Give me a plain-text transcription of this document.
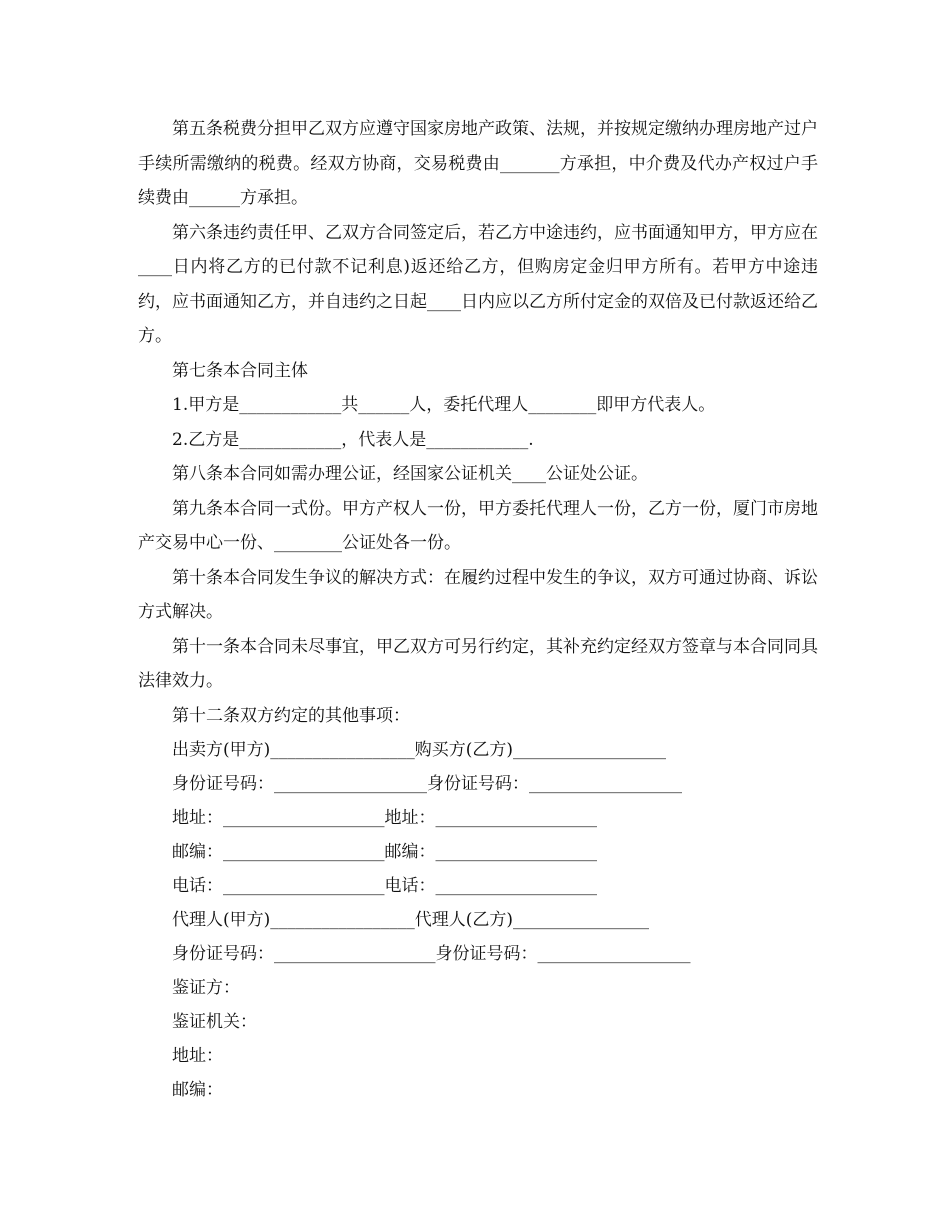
第五条税费分担甲乙双方应遵守国家房地产政策、法规，并按规定缴纳办理房地产过户手续所需缴纳的税费。经双方协商，交易税费由_______方承担，中介费及代办产权过户手续费由______方承担。

第六条违约责任甲、乙双方合同签定后，若乙方中途违约，应书面通知甲方，甲方应在____日内将乙方的已付款不记利息)返还给乙方，但购房定金归甲方所有。若甲方中途违约，应书面通知乙方，并自违约之日起____日内应以乙方所付定金的双倍及已付款返还给乙方。

第七条本合同主体

1.甲方是____________共______人，委托代理人________即甲方代表人。

2.乙方是____________，代表人是____________.

第八条本合同如需办理公证，经国家公证机关____公证处公证。

第九条本合同一式份。甲方产权人一份，甲方委托代理人一份，乙方一份，厦门市房地产交易中心一份、________公证处各一份。

第十条本合同发生争议的解决方式：在履约过程中发生的争议，双方可通过协商、诉讼方式解决。

第十一条本合同未尽事宜，甲乙双方可另行约定，其补充约定经双方签章与本合同同具法律效力。

第十二条双方约定的其他事项：

出卖方(甲方)_________________购买方(乙方)__________________

身份证号码：__________________身份证号码：__________________

地址：___________________地址：___________________

邮编：___________________邮编：___________________

电话：___________________电话：___________________

代理人(甲方)_________________代理人(乙方)________________

身份证号码：___________________身份证号码：__________________

鉴证方：

鉴证机关：

地址：

邮编：
